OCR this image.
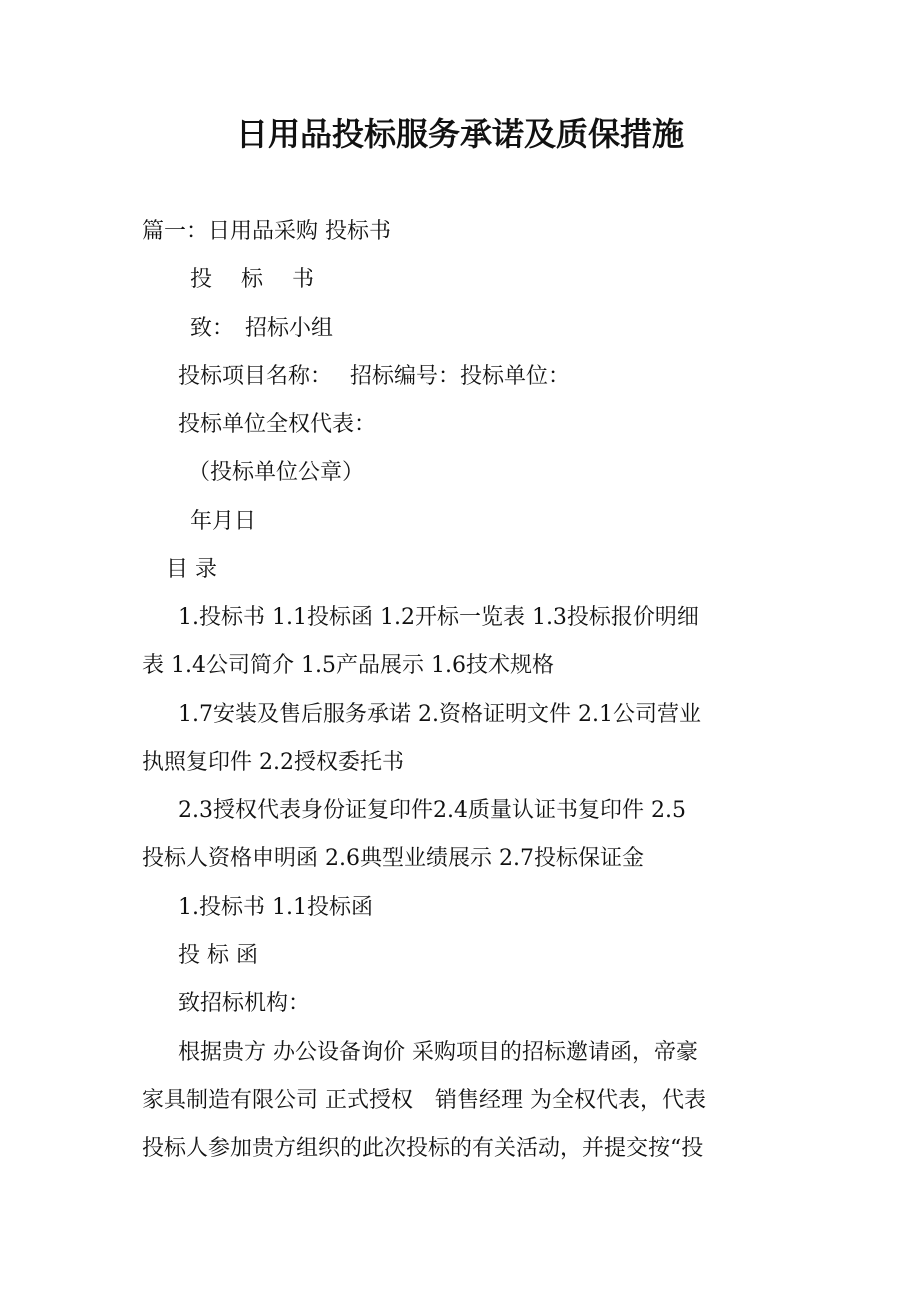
日用品投标服务承诺及质保措施
篇一：日用品采购 投标书
投　 标　 书
致：　招标小组
投标项目名称：　 招标编号：投标单位：
投标单位全权代表：
（投标单位公章）
年月日
目 录
1.投标书 1.1投标函 1.2开标一览表 1.3投标报价明细
表 1.4公司简介 1.5产品展示 1.6技术规格
1.7安装及售后服务承诺 2.资格证明文件 2.1公司营业
执照复印件 2.2授权委托书
2.3授权代表身份证复印件2.4质量认证书复印件 2.5
投标人资格申明函 2.6典型业绩展示 2.7投标保证金
1.投标书 1.1投标函
投 标 函
致招标机构：
根据贵方 办公设备询价 采购项目的招标邀请函，帝豪
家具制造有限公司 正式授权　销售经理 为全权代表，代表
投标人参加贵方组织的此次投标的有关活动，并提交按“投
